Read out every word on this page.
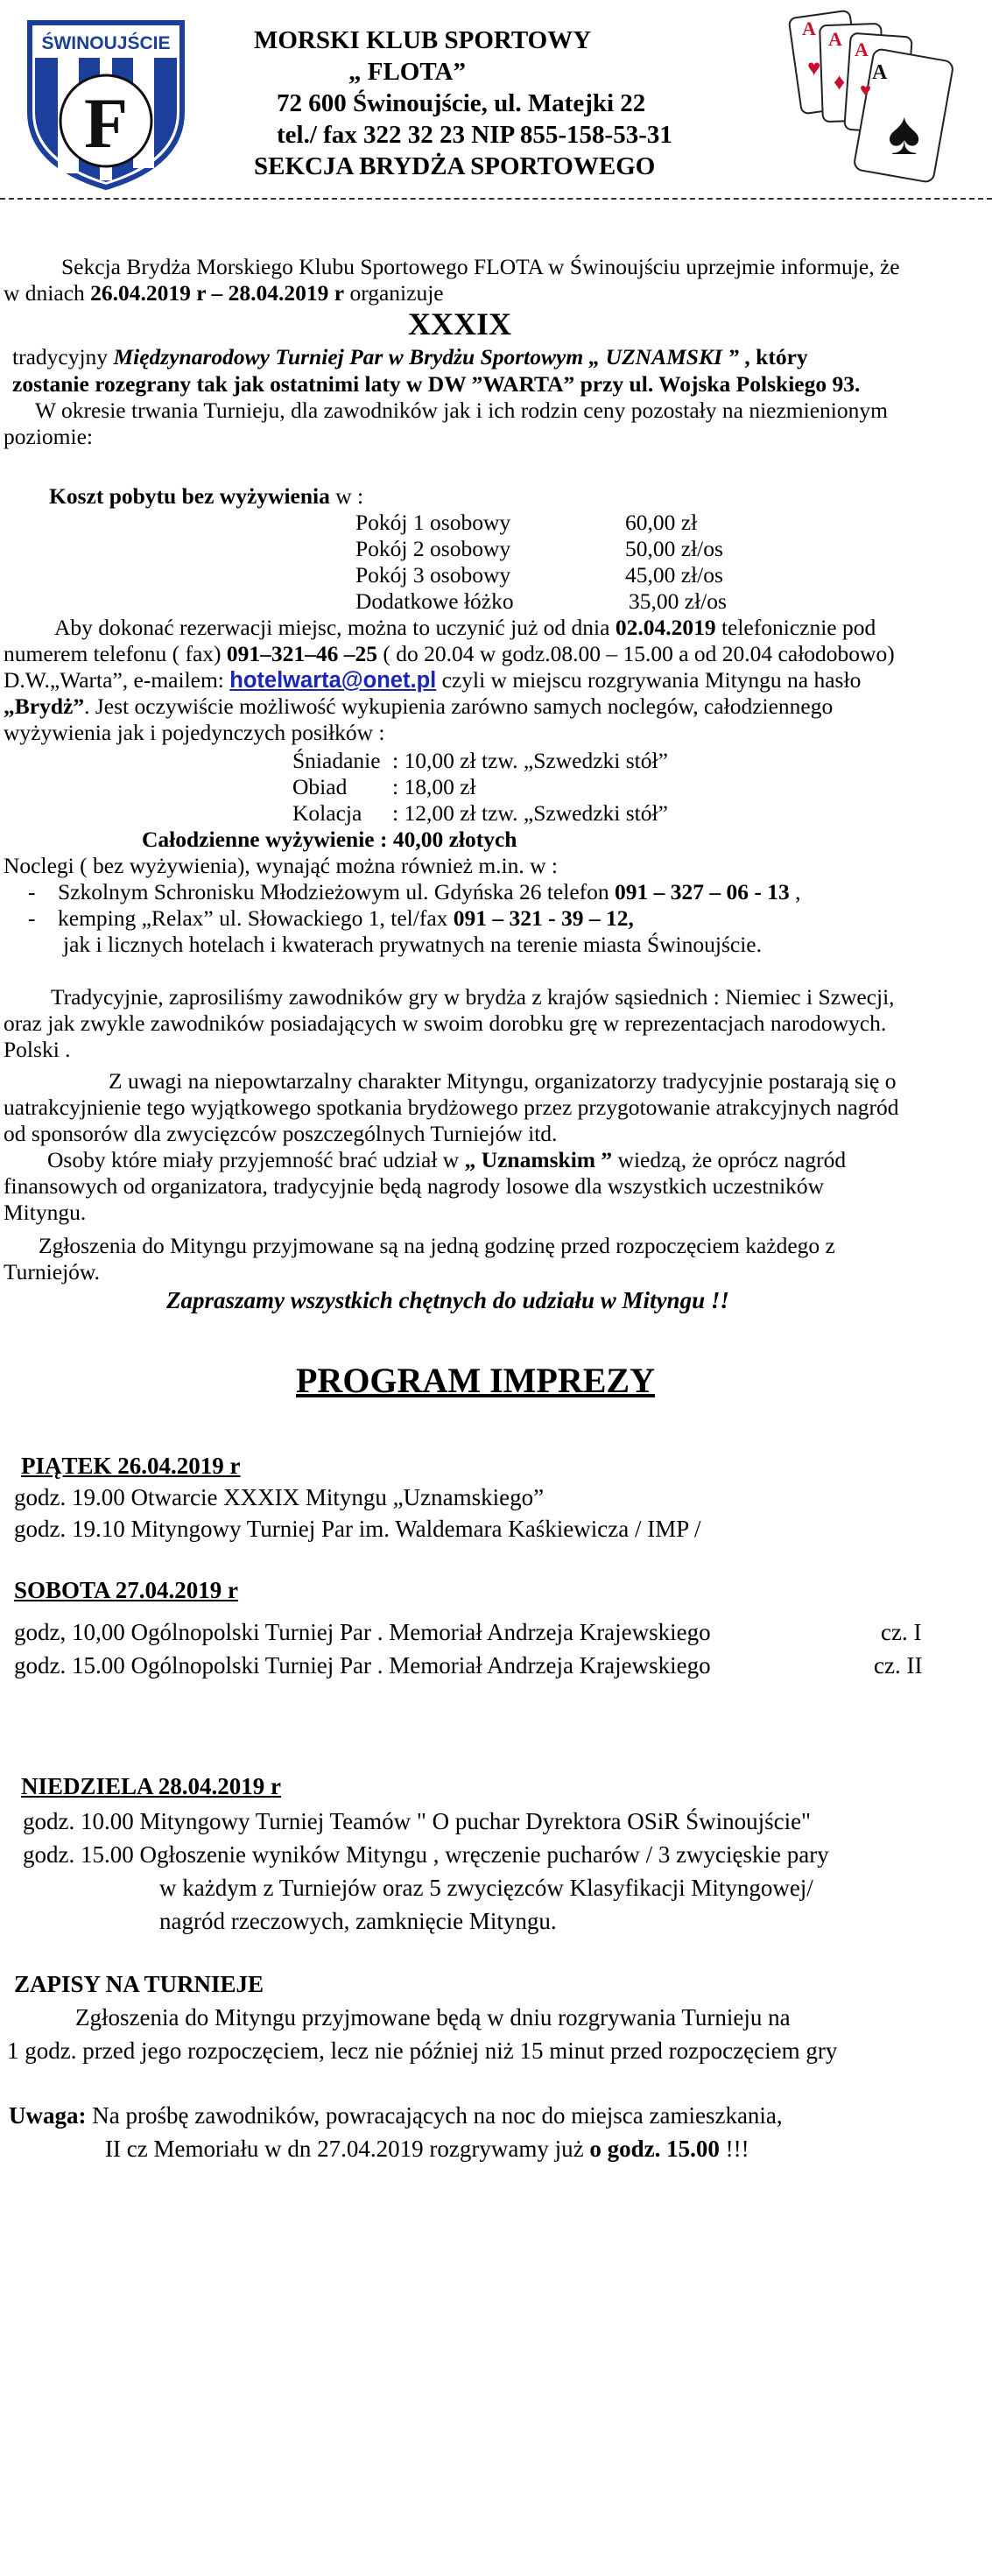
F
ŚWINOUJŚCIE	MORSKI KLUB SPORTOWY
„ FLOTA”
72 600 Świnoujście, ul. Matejki 22
tel./ fax 322 32 23 NIP 855-158-53-31
SEKCJA BRYDŻA SPORTOWEGO
A A A
A
♥
♦ ♥
♠
Sekcja Brydża Morskiego Klubu Sportowego FLOTA w Świnoujściu uprzejmie informuje, że
w dniach 26.04.2019 r – 28.04.2019 r organizuje
XXXIX
tradycyjny Międzynarodowy Turniej Par w Brydżu Sportowym „ UZNAMSKI ” , który
zostanie rozegrany tak jak ostatnimi laty w DW ”WARTA” przy ul. Wojska Polskiego 93.
W okresie trwania Turnieju, dla zawodników jak i ich rodzin ceny pozostały na niezmienionym
poziomie:
Koszt pobytu bez wyżywienia w :
Pokój 1 osobowy	60,00 zł
Pokój 2 osobowy	50,00 zł/os
Pokój 3 osobowy	45,00 zł/os
Dodatkowe łóżko	35,00 zł/os
Aby dokonać rezerwacji miejsc, można to uczynić już od dnia 02.04.2019 telefonicznie pod
numerem telefonu ( fax) 091–321–46 –25 ( do 20.04 w godz.08.00 – 15.00 a od 20.04 całodobowo)
D.W.„Warta”, e-mailem: hotelwarta@onet.pl czyli w miejscu rozgrywania Mityngu na hasło
„Brydż”. Jest oczywiście możliwość wykupienia zarówno samych noclegów, całodziennego
wyżywienia jak i pojedynczych posiłków :
Śniadanie : 10,00 zł tzw. „Szwedzki stół”
Obiad : 18,00 zł
Kolacja : 12,00 zł tzw. „Szwedzki stół”
Całodzienne wyżywienie : 40,00 złotych
Noclegi ( bez wyżywienia), wynająć można również m.in. w :
-    Szkolnym Schronisku Młodzieżowym ul. Gdyńska 26 telefon 091 – 327 – 06 - 13 ,
-    kemping „Relax” ul. Słowackiego 1, tel/fax 091 – 321 - 39 – 12,
jak i licznych hotelach i kwaterach prywatnych na terenie miasta Świnoujście.
Tradycyjnie, zaprosiliśmy zawodników gry w brydża z krajów sąsiednich : Niemiec i Szwecji,
oraz jak zwykle zawodników posiadających w swoim dorobku grę w reprezentacjach narodowych.
Polski .
Z uwagi na niepowtarzalny charakter Mityngu, organizatorzy tradycyjnie postarają się o
uatrakcyjnienie tego wyjątkowego spotkania brydżowego przez przygotowanie atrakcyjnych nagród
od sponsorów dla zwycięzców poszczególnych Turniejów itd.
Osoby które miały przyjemność brać udział w „ Uznamskim ” wiedzą, że oprócz nagród
finansowych od organizatora, tradycyjnie będą nagrody losowe dla wszystkich uczestników
Mityngu.
Zgłoszenia do Mityngu przyjmowane są na jedną godzinę przed rozpoczęciem każdego z
Turniejów.
Zapraszamy wszystkich chętnych do udziału w Mityngu !!
PROGRAM IMPREZY
PIĄTEK 26.04.2019 r
godz. 19.00 Otwarcie XXXIX Mityngu „Uznamskiego”
godz. 19.10 Mityngowy Turniej Par im. Waldemara Kaśkiewicza / IMP /
SOBOTA 27.04.2019 r
godz, 10,00 Ogólnopolski Turniej Par . Memoriał Andrzeja Krajewskiego	cz. I
godz. 15.00 Ogólnopolski Turniej Par . Memoriał Andrzeja Krajewskiego	cz. II
NIEDZIELA 28.04.2019 r
godz. 10.00 Mityngowy Turniej Teamów " O puchar Dyrektora OSiR Świnoujście"
godz. 15.00 Ogłoszenie wyników Mityngu , wręczenie pucharów / 3 zwycięskie pary
w każdym z Turniejów oraz 5 zwycięzców Klasyfikacji Mityngowej/
nagród rzeczowych, zamknięcie Mityngu.
ZAPISY NA TURNIEJE
Zgłoszenia do Mityngu przyjmowane będą w dniu rozgrywania Turnieju na
1 godz. przed jego rozpoczęciem, lecz nie później niż 15 minut przed rozpoczęciem gry
Uwaga: Na prośbę zawodników, powracających na noc do miejsca zamieszkania,
II cz Memoriału w dn 27.04.2019 rozgrywamy już o godz. 15.00 !!!
